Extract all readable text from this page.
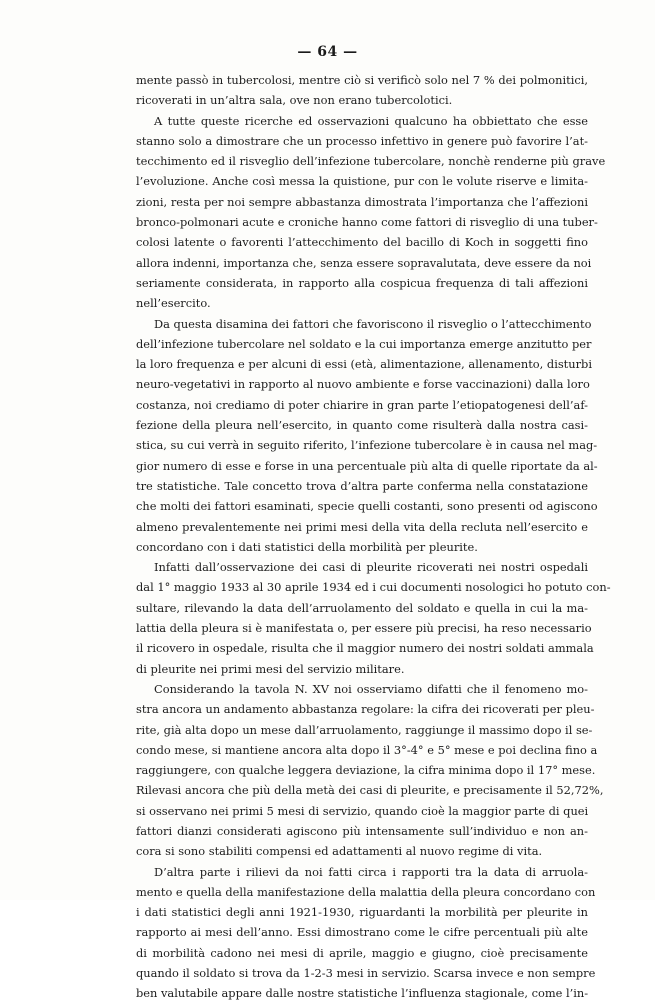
— 64 —
mente passò in tubercolosi, mentre ciò si verificò solo nel 7 % dei polmonitici,
ricoverati in un’altra sala, ove non erano tubercolotici.
A tutte queste ricerche ed osservazioni qualcuno ha obbiettato che esse
stanno solo a dimostrare che un processo infettivo in genere può favorire l’at-
tecchimento ed il risveglio dell’infezione tubercolare, nonchè renderne più grave
l’evoluzione. Anche così messa la quistione, pur con le volute riserve e limita-
zioni, resta per noi sempre abbastanza dimostrata l’importanza che l’affezioni
bronco-polmonari acute e croniche hanno come fattori di risveglio di una tuber-
colosi latente o favorenti l’attecchimento del bacillo di Koch in soggetti fino
allora indenni, importanza che, senza essere sopravalutata, deve essere da noi
seriamente considerata, in rapporto alla cospicua frequenza di tali affezioni
nell’esercito.
Da questa disamina dei fattori che favoriscono il risveglio o l’attecchimento
dell’infezione tubercolare nel soldato e la cui importanza emerge anzitutto per
la loro frequenza e per alcuni di essi (età, alimentazione, allenamento, disturbi
neuro-vegetativi in rapporto al nuovo ambiente e forse vaccinazioni) dalla loro
costanza, noi crediamo di poter chiarire in gran parte l’etiopatogenesi dell’af-
fezione della pleura nell’esercito, in quanto come risulterà dalla nostra casi-
stica, su cui verrà in seguito riferito, l’infezione tubercolare è in causa nel mag-
gior numero di esse e forse in una percentuale più alta di quelle riportate da al-
tre statistiche. Tale concetto trova d’altra parte conferma nella constatazione
che molti dei fattori esaminati, specie quelli costanti, sono presenti od agiscono
almeno prevalentemente nei primi mesi della vita della recluta nell’esercito e
concordano con i dati statistici della morbilità per pleurite.
Infatti dall’osservazione dei casi di pleurite ricoverati nei nostri ospedali
dal 1° maggio 1933 al 30 aprile 1934 ed i cui documenti nosologici ho potuto con-
sultare, rilevando la data dell’arruolamento del soldato e quella in cui la ma-
lattia della pleura si è manifestata o, per essere più precisi, ha reso necessario
il ricovero in ospedale, risulta che il maggior numero dei nostri soldati ammala
di pleurite nei primi mesi del servizio militare.
Considerando la tavola N. XV noi osserviamo difatti che il fenomeno mo-
stra ancora un andamento abbastanza regolare: la cifra dei ricoverati per pleu-
rite, già alta dopo un mese dall’arruolamento, raggiunge il massimo dopo il se-
condo mese, si mantiene ancora alta dopo il 3°-4° e 5° mese e poi declina fino a
raggiungere, con qualche leggera deviazione, la cifra minima dopo il 17° mese.
Rilevasi ancora che più della metà dei casi di pleurite, e precisamente il 52,72%,
si osservano nei primi 5 mesi di servizio, quando cioè la maggior parte di quei
fattori dianzi considerati agiscono più intensamente sull’individuo e non an-
cora si sono stabiliti compensi ed adattamenti al nuovo regime di vita.
D’altra parte i rilievi da noi fatti circa i rapporti tra la data di arruola-
mento e quella della manifestazione della malattia della pleura concordano con
i dati statistici degli anni 1921-1930, riguardanti la morbilità per pleurite in
rapporto ai mesi dell’anno. Essi dimostrano come le cifre percentuali più alte
di morbilità cadono nei mesi di aprile, maggio e giugno, cioè precisamente
quando il soldato si trova da 1-2-3 mesi in servizio. Scarsa invece e non sempre
ben valutabile appare dalle nostre statistiche l’influenza stagionale, come l’in-
